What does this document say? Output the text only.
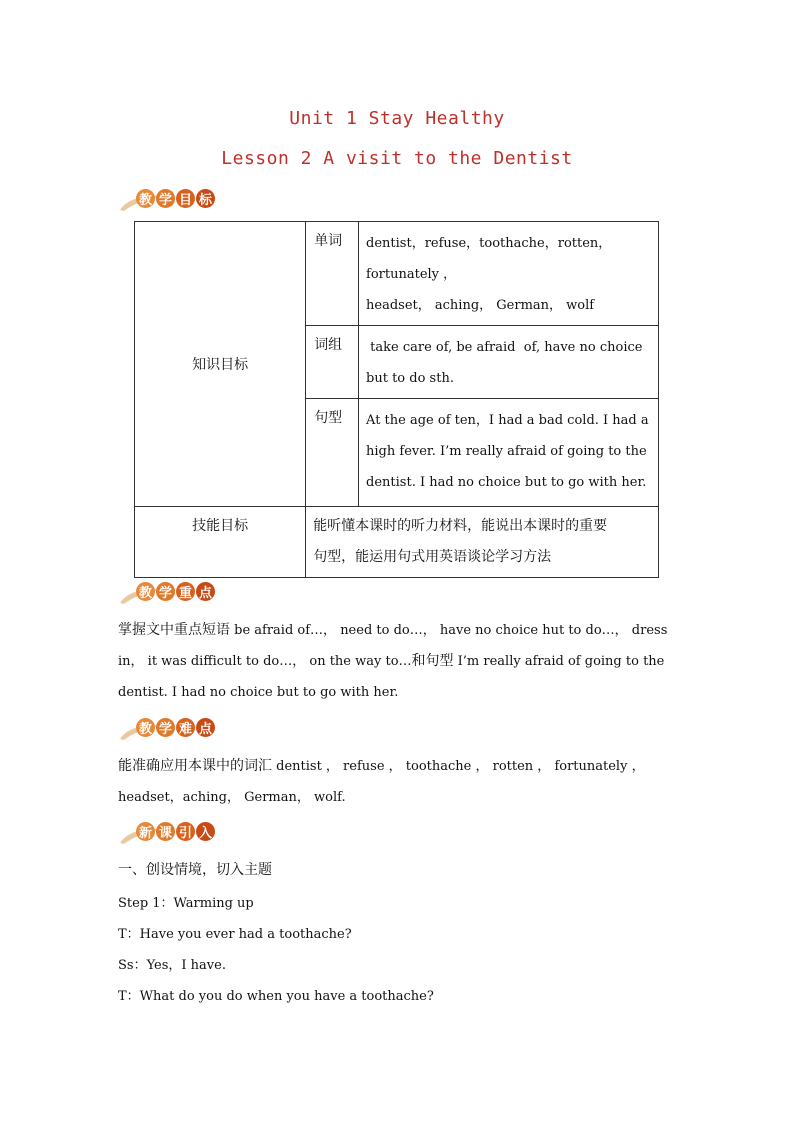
Unit 1 Stay Healthy
Lesson 2 A visit to the Dentist
教 学 目 标
知识目标	单词	dentist，refuse，toothache，rotten，fortunately ，
headset， aching， German， wolf

	词组	take care of, be afraid  of, have no choice
but to do sth.

	句型	At the age of ten，I had a bad cold. I had a
high fever. I’m really afraid of going to the
dentist. I had no choice but to go with her.

技能目标	能听懂本课时的听力材料，能说出本课时的重要
句型，能运用句式用英语谈论学习方法	
教 学 重 点
掌握文中重点短语 be afraid of…， need to do…， have no choice hut to do…， dress
in， it was difficult to do…， on the way to…和句型 I’m really afraid of going to the
dentist. I had no choice but to go with her.
教 学 难 点
能准确应用本课中的词汇 dentist ， refuse ， toothache ， rotten ， fortunately ，
headset，aching， German， wolf.
新 课 引 入
一、创设情境，切入主题
Step 1：Warming up
T：Have you ever had a toothache?
Ss：Yes，I have.
T：What do you do when you have a toothache?
